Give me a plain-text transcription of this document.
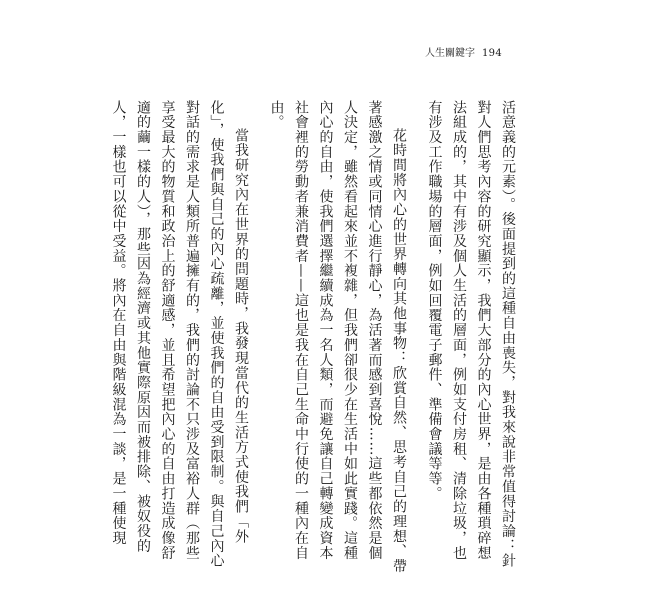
人生關鍵字 194

活意義的元素）。後面提到的這種自由喪失，對我來說非常值得討論：針對人們思考內容的研究顯示，我們大部分的內心世界，是由各種瑣碎想法組成的，其中有涉及個人生活的層面，例如支付房租、清除垃圾，也有涉及工作職場的層面，例如回覆電子郵件、準備會議等等。

花時間將內心的世界轉向其他事物：欣賞自然、思考自己的理想、帶著感激之情或同情心進行靜心，為活著而感到喜悅……這些都依然是個人決定，雖然看起來並不複雜，但我們卻很少在生活中如此實踐。這種內心的自由，使我們選擇繼續成為一名人類，而避免讓自己轉變成資本社會裡的勞動者兼消費者——這也是我在自己生命中行使的一種內在自由。

當我研究內在世界的問題時，我發現當代的生活方式使我們「外化」，使我們與自己的內心疏離，並使我們的自由受到限制。與自己內心對話的需求是人類所普遍擁有的，我們的討論不只涉及富裕人群（那些享受最大的物質和政治上的舒適感，並且希望把內心的自由打造成像舒適的繭一樣的人），那些因為經濟或其他實際原因而被排除、被奴役的人，一樣也可以從中受益。將內在自由與階級混為一談，是一種使現
